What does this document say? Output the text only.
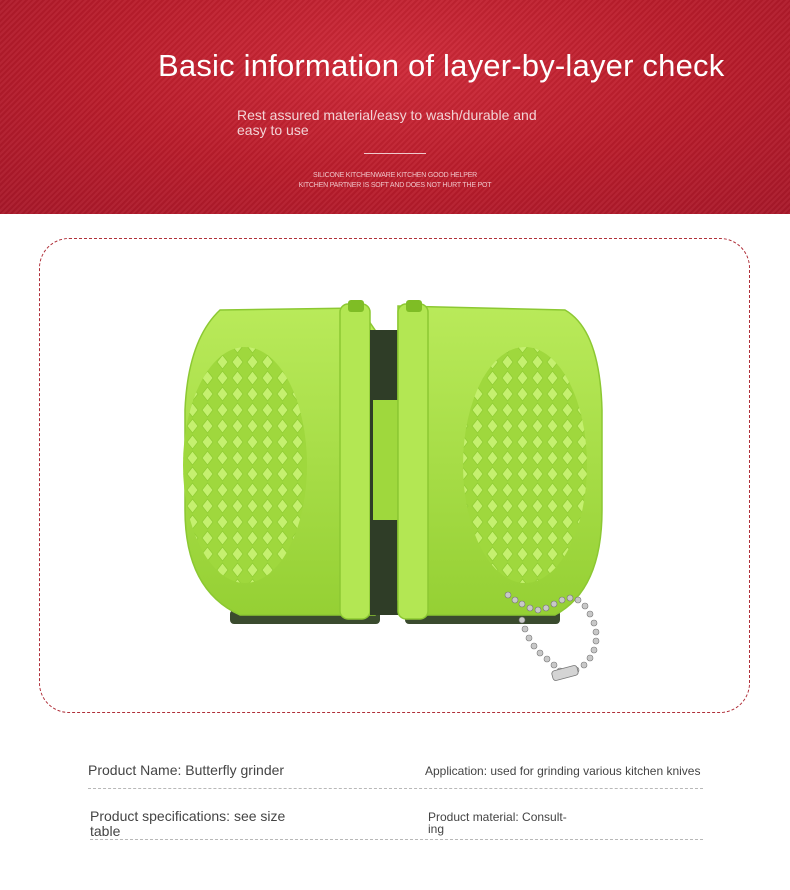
Basic information of layer-by-layer check
Rest assured material/easy to wash/durable and easy to use
SILICONE KITCHENWARE KITCHEN GOOD HELPER
KITCHEN PARTNER IS SOFT AND DOES NOT HURT THE POT
Product Name: Butterfly grinder	Application: used for grinding various kitchen knives
Product specifications: see size table
Product material: Consult-ing
